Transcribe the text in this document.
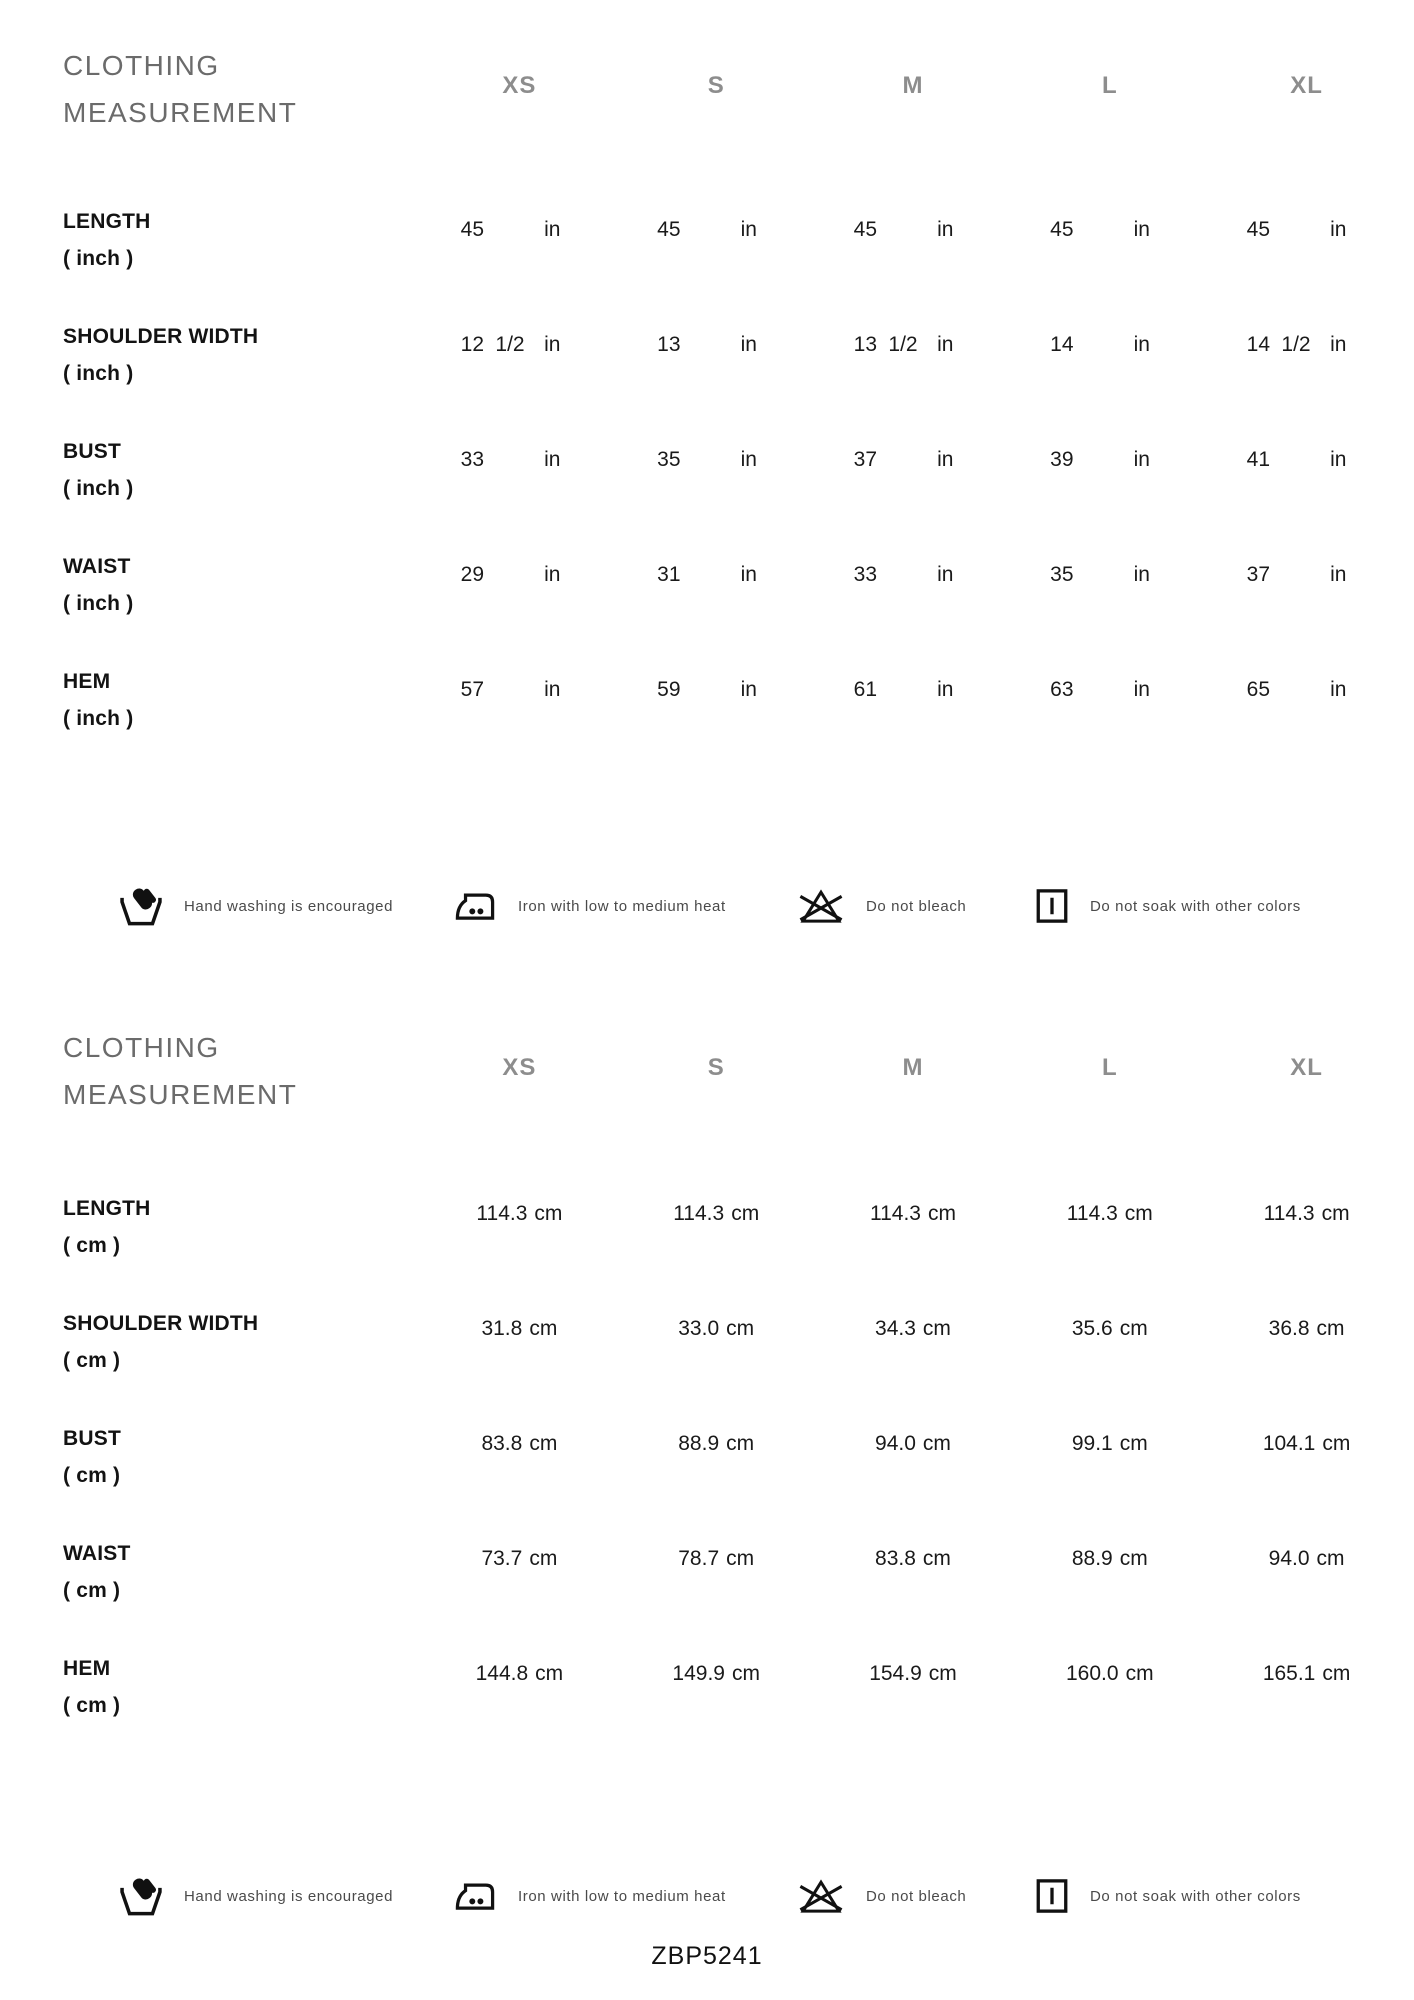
CLOTHING
MEASUREMENT
XS	S	M	L	XL
LENGTH
( inch )
45	in	45	in	45	in	45	in	45	in
SHOULDER WIDTH
( inch )
12 1/2 in	13	in	13 1/2 in	14	in	14 1/2 in
BUST
( inch )
33	in	35	in	37	in	39	in	41	in
WAIST
( inch )
29	in	31	in	33	in	35	in	37	in
HEM
( inch )
57	in	59	in	61	in	63	in	65	in
Hand washing is encouraged	Iron with low to medium heat	Do not bleach	Do not soak with other colors
CLOTHING
MEASUREMENT
XS	S	M	L	XL
LENGTH
( cm )
114.3 cm	114.3 cm	114.3 cm	114.3 cm	114.3 cm
SHOULDER WIDTH
( cm )
31.8 cm	33.0 cm	34.3 cm	35.6 cm	36.8 cm
BUST
( cm )
83.8 cm	88.9 cm	94.0 cm	99.1 cm	104.1 cm
WAIST
( cm )
73.7 cm	78.7 cm	83.8 cm	88.9 cm	94.0 cm
HEM
( cm )
144.8 cm	149.9 cm	154.9 cm	160.0 cm	165.1 cm
Hand washing is encouraged	Iron with low to medium heat	Do not bleach	Do not soak with other colors
ZBP5241
